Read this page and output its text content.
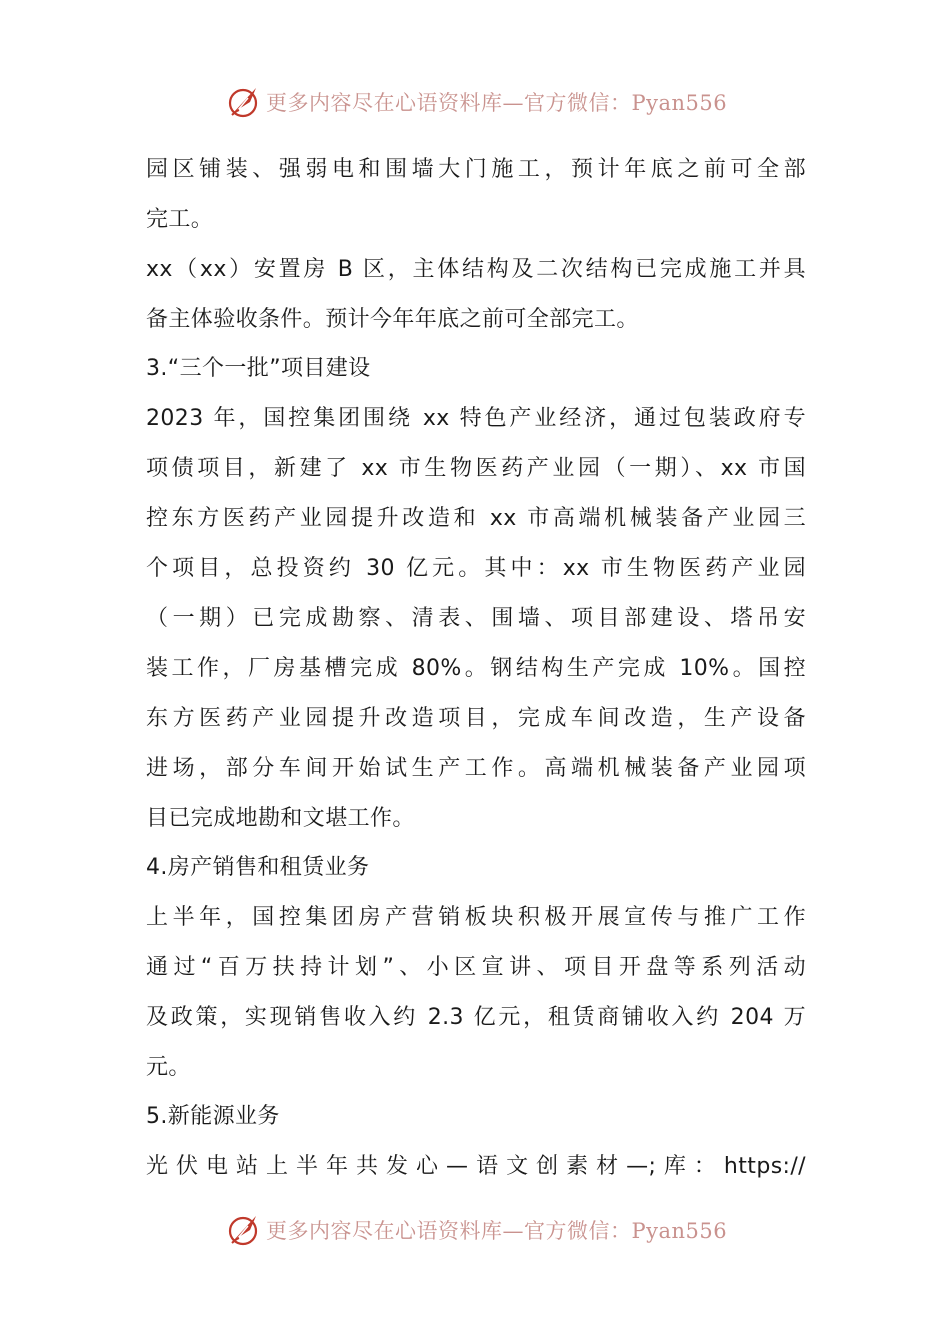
更多内容尽在心语资料库—官方微信：Pyan556
园区铺装、强弱电和围墙大门施工，预计年底之前可全部
完工。
xx（xx）安置房 B 区，主体结构及二次结构已完成施工并具
备主体验收条件。预计今年年底之前可全部完工。
3.“三个一批”项目建设
2023 年，国控集团围绕 xx 特色产业经济，通过包装政府专
项债项目，新建了 xx 市生物医药产业园（一期）、xx 市国
控东方医药产业园提升改造和 xx 市高端机械装备产业园三
个项目，总投资约 30 亿元。其中：xx 市生物医药产业园
（一期）已完成勘察、清表、围墙、项目部建设、塔吊安
装工作，厂房基槽完成 80%。钢结构生产完成 10%。国控
东方医药产业园提升改造项目，完成车间改造，生产设备
进场，部分车间开始试生产工作。高端机械装备产业园项
目已完成地勘和文堪工作。
4.房产销售和租赁业务
上半年，国控集团房产营销板块积极开展宣传与推广工作
通过“百万扶持计划”、小区宣讲、项目开盘等系列活动
及政策，实现销售收入约 2.3 亿元，租赁商铺收入约 204 万
元。
5.新能源业务
光伏电站上半年共发心—语文创素材—;库：https://
更多内容尽在心语资料库—官方微信：Pyan556
